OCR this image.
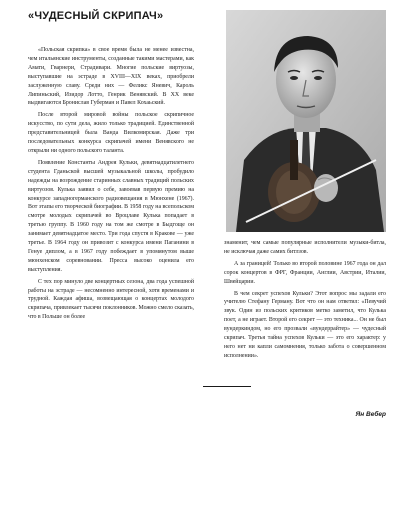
«ЧУДЕСНЫЙ СКРИПАЧ»

«Польская скрипка» в свое время была не менее известна, чем итальянские инструменты, созданные такими мастерами, как Амати, Гварнери, Страдивари. Многие польские виртуозы, выступавшие на эстраде в XVIII—XIX веках, приобрели заслуженную славу. Среди них — Феликс Яневич, Кароль Липиньский, Изидор Лотто, Генрик Венявский. В XX веке выдвигаются Бронислав Губерман и Павел Кохаьский.

После второй мировой войны польское скрипичное искусство, по сути дела, жило только традицией. Единственной представительницей была Ванда Вилкомирская. Даже три последовательных конкурса скрипачей имени Венявского не открыли ни одного польского таланта.

Появление Константы Андрея Кульки, девятнадцатилетнего студента Гданьской высшей музыкальной школы, пробудило надежды на возрождение старинных славных традиций польских виртуозов. Кулька заявил о себе, завоевав первую премию на конкурсе западногерманского радиовещания в Мюнхене (1967). Вот этапы его творческой биографии. В 1958 году на всепольском смотре молодых скрипачей во Вроцлаве Кулька попадает в третью группу. В 1960 году на том же смотре в Быдгоще он занимает девятнадцатое место. Три года спустя в Кракове — уже третье. В 1964 году он привозит с конкурса имени Паганини в Генуе диплом, а в 1967 году побеждает в упомянутом выше мюнхенском соревновании. Пресса высоко оценила его выступления.

С тех пор минуло две концертных сезона, два года успешной работы на эстраде — несомненно интересной, хотя временами и трудной. Каждая афиша, возвещающая о концертах молодого скрипача, привлекает тысячи поклонников. Можно смело сказать, что в Польше он более

знаменит, чем самые популярные исполнители музыки-битла, не исключая даже самих битлзов.

А за границей! Только во второй половине 1967 года он дал сорок концертов в ФРГ, Франции, Англии, Австрии, Италии, Швейцарии.

В чем секрет успехов Кульки? Этот вопрос мы задали его учителю Стефану Герману. Вот что он нам ответил: «Певучий звук. Один из польских критиков метко заметил, что Кулька поет, а не играет. Второй его секрет — это техника... Он не был вундеркиндом, но его прозвали «вундеррайтер» — чудесный скрипач. Третья тайна успехов Кульки — это его характер: у него нет ни капли самомнения, только забота о совершенном исполнении».

Ян Вебер
